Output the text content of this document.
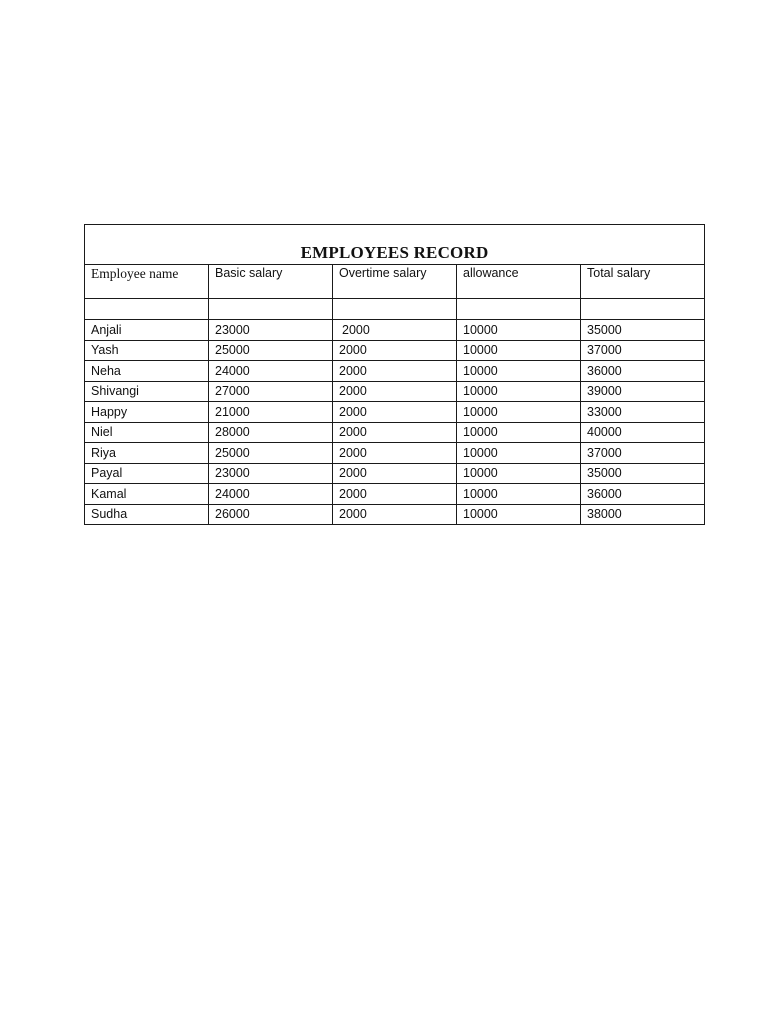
EMPLOYEES RECORD				
Employee name	Basic salary	Overtime salary	allowance	Total salary

Anjali	23000	2000	10000	35000
Yash	25000	2000	10000	37000
Neha	24000	2000	10000	36000
Shivangi	27000	2000	10000	39000
Happy	21000	2000	10000	33000
Niel	28000	2000	10000	40000
Riya	25000	2000	10000	37000
Payal	23000	2000	10000	35000
Kamal	24000	2000	10000	36000
Sudha	26000	2000	10000	38000
